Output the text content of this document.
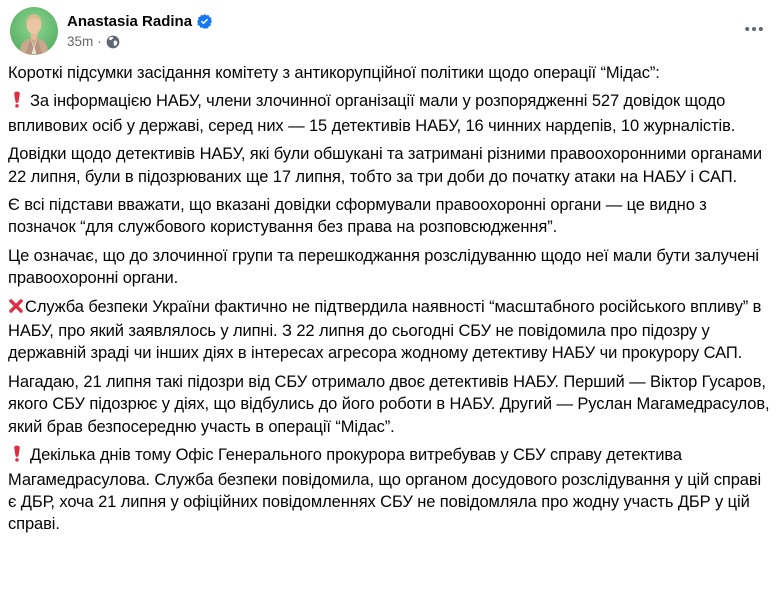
Anastasia Radina
35m ·

Короткі підсумки засідання комітету з антикорупційної політики щодо операції “Мідас”:

За інформацією НАБУ, члени злочинної організації мали у розпорядженні 527 довідок щодо впливових осіб у державі, серед них — 15 детективів НАБУ, 16 чинних нардепів, 10 журналістів.

Довідки щодо детективів НАБУ, які були обшукані та затримані різними правоохоронними органами 22 липня, були в підозрюваних ще 17 липня, тобто за три доби до початку атаки на НАБУ і САП.

Є всі підстави вважати, що вказані довідки сформували правоохоронні органи — це видно з позначок “для службового користування без права на розповсюдження”.

Це означає, що до злочинної групи та перешкоджання розслідуванню щодо неї мали бути залучені правоохоронні органи.

Служба безпеки України фактично не підтвердила наявності “масштабного російського впливу” в НАБУ, про який заявлялось у липні. З 22 липня до сьогодні СБУ не повідомила про підозру у державній зраді чи інших діях в інтересах агресора жодному детективу НАБУ чи прокурору САП.

Нагадаю, 21 липня такі підозри від СБУ отримало двоє детективів НАБУ. Перший — Віктор Гусаров, якого СБУ підозрює у діях, що відбулись до його роботи в НАБУ. Другий — Руслан Магамедрасулов, який брав безпосередню участь в операції “Мідас”.

Декілька днів тому Офіс Генерального прокурора витребував у СБУ справу детектива Магамедрасулова. Служба безпеки повідомила, що органом досудового розслідування у цій справі є ДБР, хоча 21 липня у офіційних повідомленнях СБУ не повідомляла про жодну участь ДБР у цій справі.
